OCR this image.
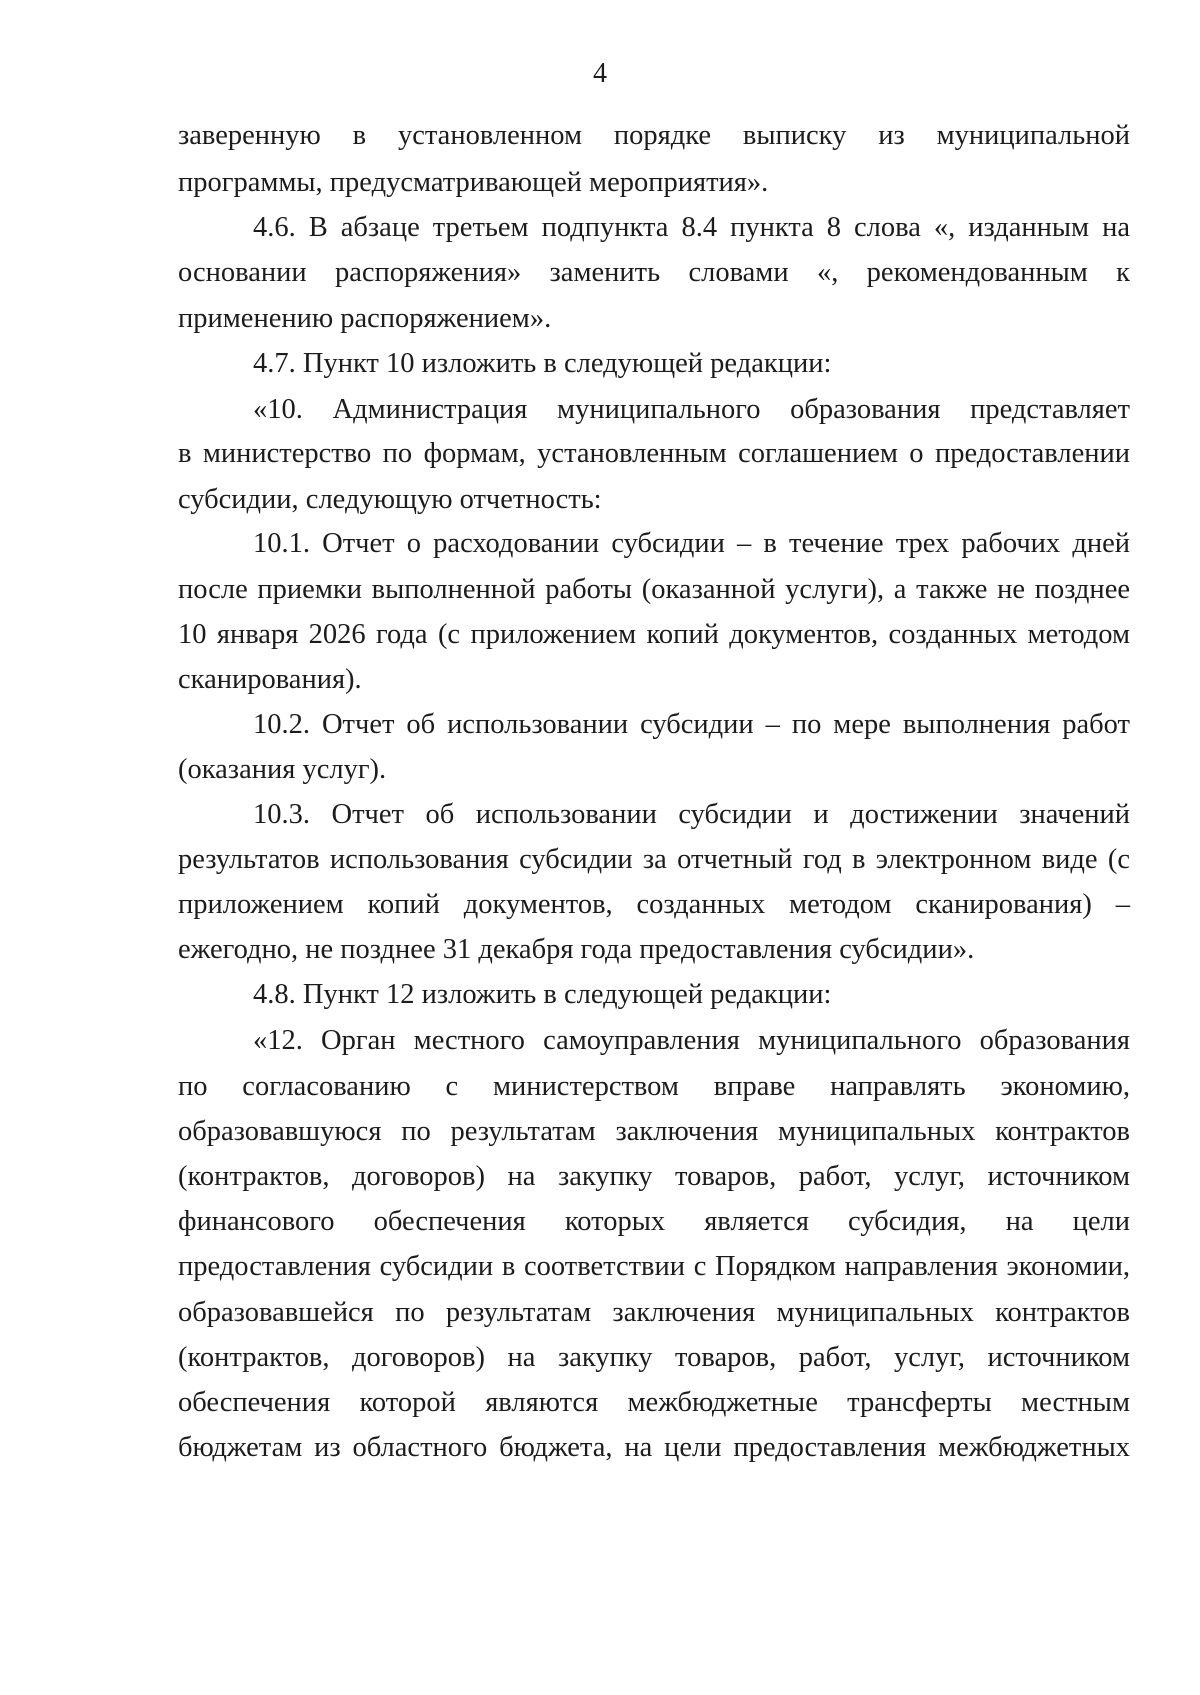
4
заверенную в установленном порядке выписку из муниципальной
программы, предусматривающей мероприятия».
4.6. В абзаце третьем подпункта 8.4 пункта 8 слова «, изданным на
основании распоряжения» заменить словами «, рекомендованным к
применению распоряжением».
4.7. Пункт 10 изложить в следующей редакции:
«10. Администрация муниципального образования представляет
в министерство по формам, установленным соглашением о предоставлении
субсидии, следующую отчетность:
10.1. Отчет о расходовании субсидии – в течение трех рабочих дней
после приемки выполненной работы (оказанной услуги), а также не позднее
10 января 2026 года (с приложением копий документов, созданных методом
сканирования).
10.2. Отчет об использовании субсидии – по мере выполнения работ
(оказания услуг).
10.3. Отчет об использовании субсидии и достижении значений
результатов использования субсидии за отчетный год в электронном виде (с
приложением копий документов, созданных методом сканирования) –
ежегодно, не позднее 31 декабря года предоставления субсидии».
4.8. Пункт 12 изложить в следующей редакции:
«12. Орган местного самоуправления муниципального образования
по согласованию с министерством вправе направлять экономию,
образовавшуюся по результатам заключения муниципальных контрактов
(контрактов, договоров) на закупку товаров, работ, услуг, источником
финансового обеспечения которых является субсидия, на цели
предоставления субсидии в соответствии с Порядком направления экономии,
образовавшейся по результатам заключения муниципальных контрактов
(контрактов, договоров) на закупку товаров, работ, услуг, источником
обеспечения которой являются межбюджетные трансферты местным
бюджетам из областного бюджета, на цели предоставления межбюджетных
